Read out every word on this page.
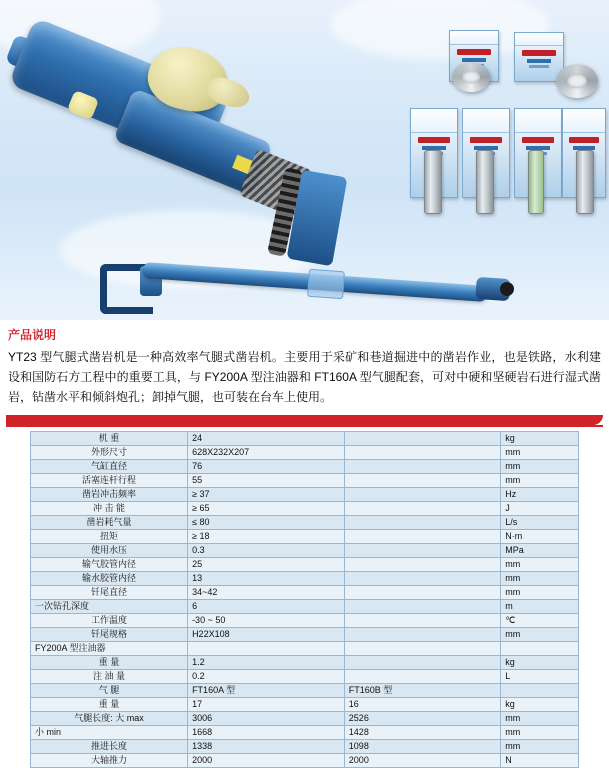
产品说明
YT23 型气腿式凿岩机是一种高效率气腿式凿岩机。主要用于采矿和巷道掘进中的凿岩作业，也是铁路，水利建设和国防石方工程中的重要工具，与 FY200A 型注油器和 FT160A 型气腿配套，可对中硬和坚硬岩石进行湿式凿岩，钻凿水平和倾斜炮孔；卸掉气腿，也可装在台车上使用。
机 重	24		kg
外形尺寸	628X232X207		mm
气缸直径	76		mm
活塞连杆行程	55		mm
凿岩冲击频率	≥ 37		Hz
冲 击 能	≥ 65		J
凿岩耗气量	≤ 80		L/s
扭矩	≥ 18		N·m
使用水压	0.3		MPa
输气胶管内径	25		mm
输水胶管内径	13		mm
钎尾直径	34~42		mm
一次钻孔深度	6		m
工作温度	-30 ~ 50		℃
钎尾规格	H22X108		mm
FY200A 型注油器			
重 量	1.2		kg
注 油 量	0.2		L
气 腿	FT160A 型	FT160B 型	
重 量	17	16	kg
气腿长度: 大 max	3006	2526	mm
小 min	1668	1428	mm
推进长度	1338	1098	mm
大轴推力	2000	2000	N
